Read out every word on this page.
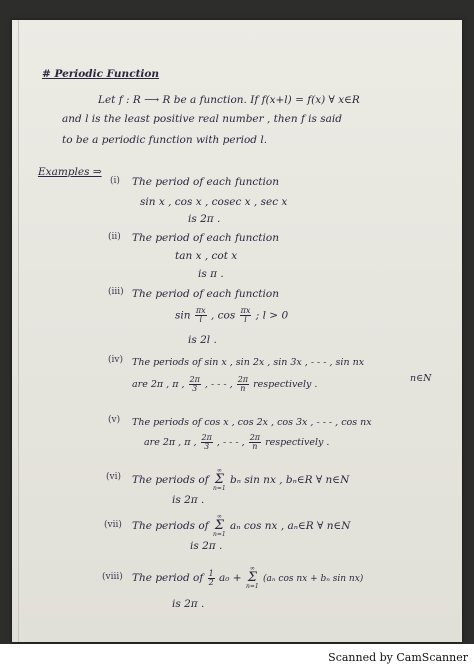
# Periodic Function
Let f : R ⟶ R be a function. If f(x+l) = f(x) ∀ x∈R
and l is the least positive real number , then f is said
to be a periodic function with period l.
Examples ⇒
(i) The period of each function
sin x , cos x , cosec x , sec x
is 2π .
(ii) The period of each function
tan x , cot x
is π .
(iii) The period of each function
$\sin \frac{\pi x}{l}$ , $\cos \frac{\pi x}{l}$ ; l > 0
is 2l .
(iv) The periods of sin x , sin 2x , sin 3x , - - - , sin nx
are 2π , π , $\frac{2\pi}{3}$ , - - - , $\frac{2\pi}{n}$ respectively .
n∈N
(v) The periods of cos x , cos 2x , cos 3x , - - - , cos nx
are 2π , π , $\frac{2\pi}{3}$ , - - - , $\frac{2\pi}{n}$ respectively .
(vi) The periods of ∞
Σ
n=1 bₙ sin nx , bₙ∈R ∀ n∈N
is 2π .
(vii) The periods of ∞
Σ
n=1 aₙ cos nx , aₙ∈R ∀ n∈N
is 2π .
(viii) The period of $\frac{1}{2} a_0$ + ∞
Σ
n=1 (aₙ cos nx + bₙ sin nx)
is 2π .
Scanned by CamScanner
